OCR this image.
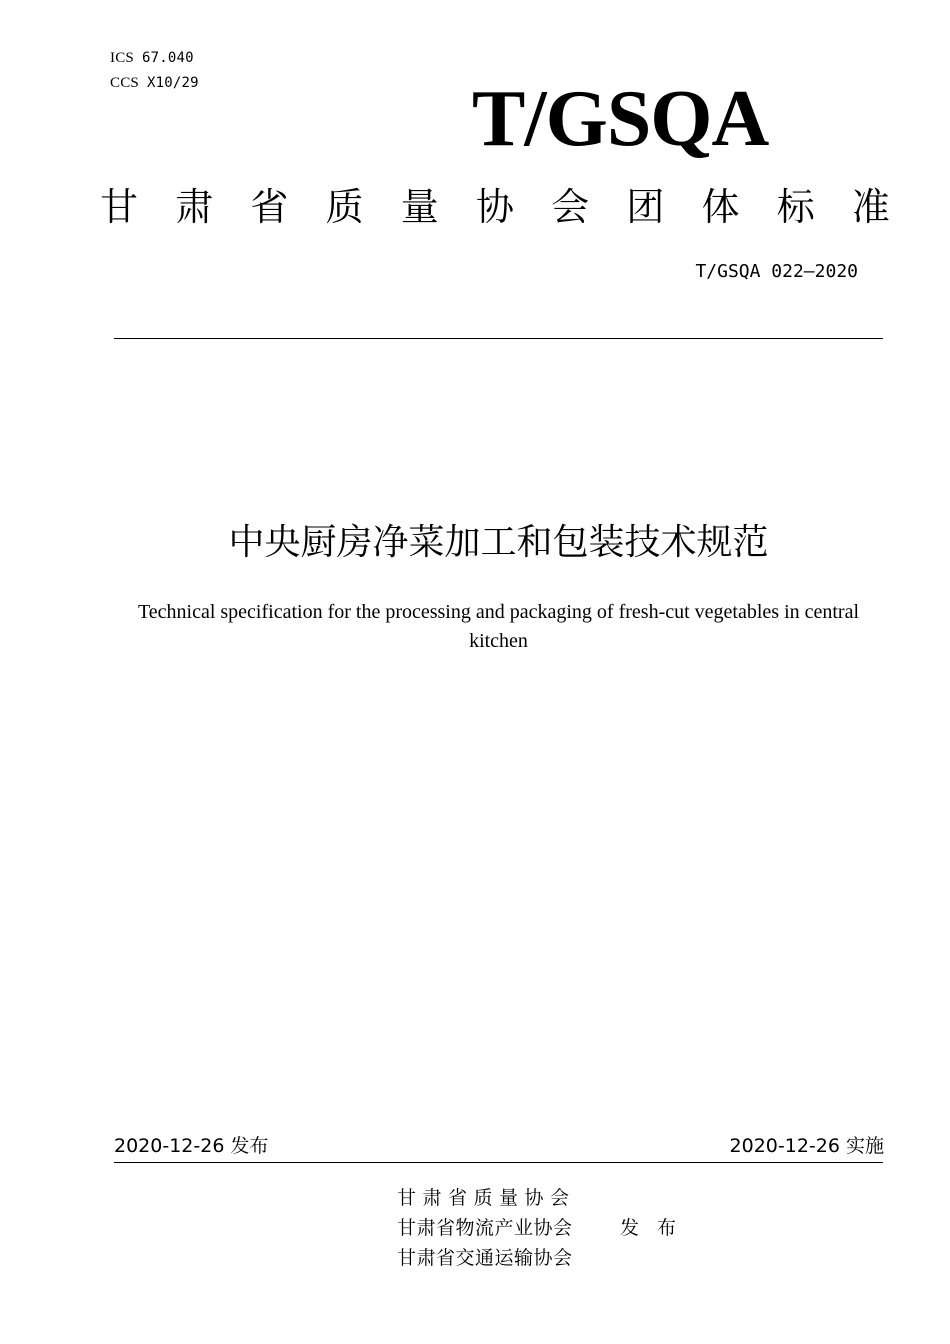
ICS 67.040
CCS X10/29	T/GSQA
甘 肃 省 质 量 协 会 团 体 标 准
T/GSQA 022—2020
中央厨房净菜加工和包装技术规范
Technical specification for the processing and packaging of fresh-cut vegetables in central kitchen
2020-12-26 发布	2020-12-26 实施
甘肃省质量协会
甘肃省物流产业协会
甘肃省交通运输协会
发布
